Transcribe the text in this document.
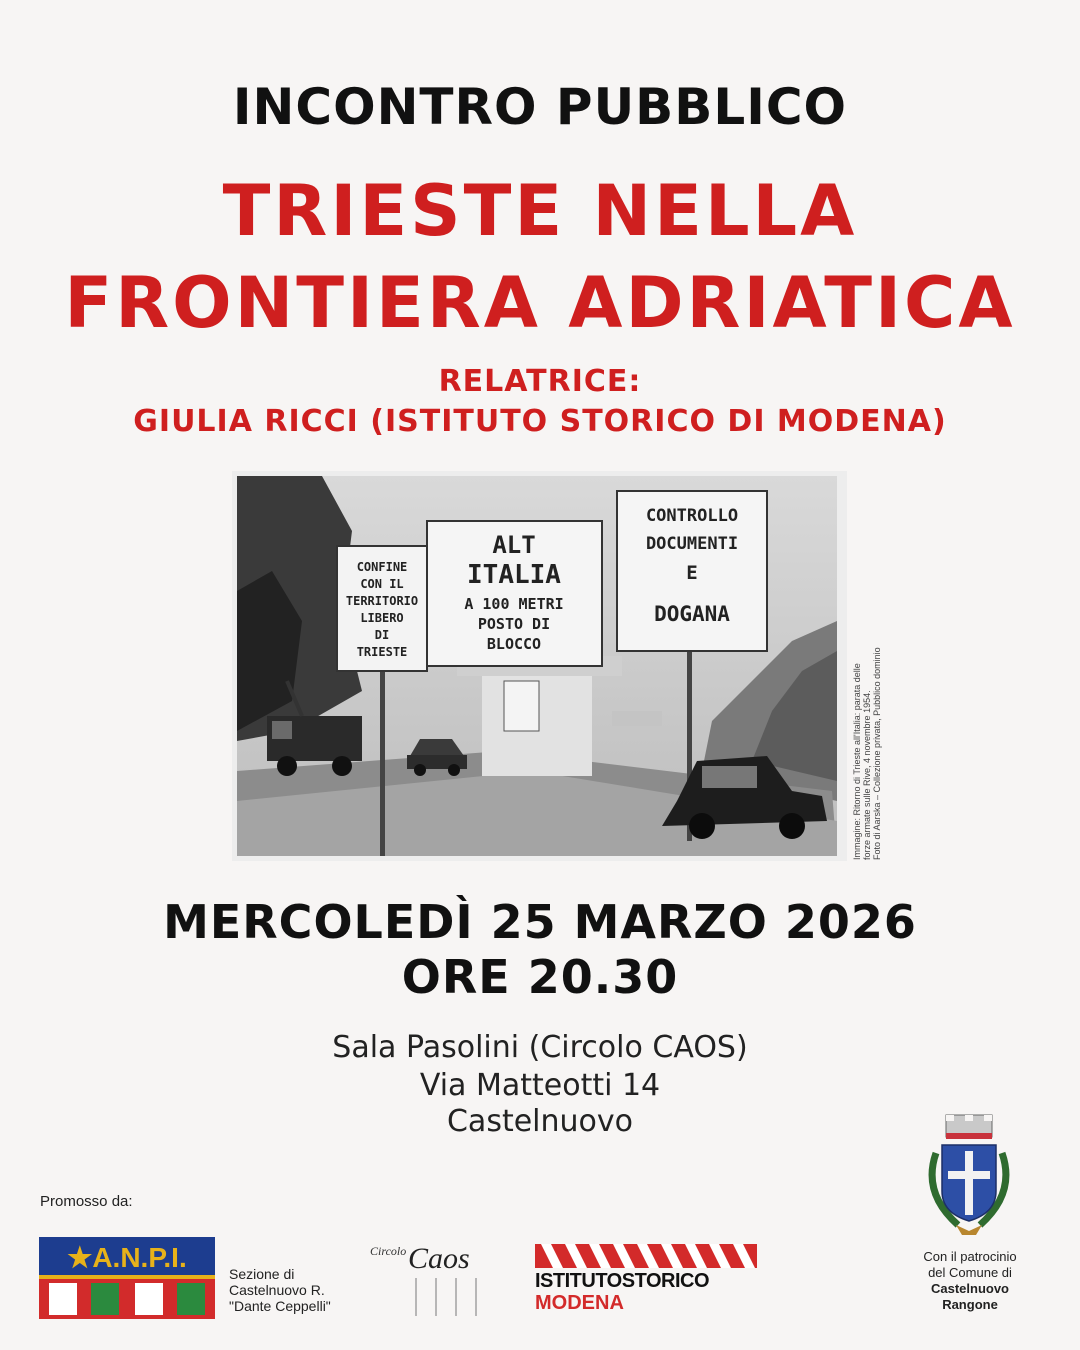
INCONTRO PUBBLICO
TRIESTE NELLA
FRONTIERA ADRIATICA
RELATRICE:
GIULIA RICCI (ISTITUTO STORICO DI MODENA)
CONFINE
CON IL
TERRITORIO
LIBERO
DI
TRIESTE
ALT
ITALIA
A 100 METRI
POSTO DI
BLOCCO
CONTROLLO
DOCUMENTI
E
DOGANA
Immagine: Ritorno di Trieste all'Italia: parata delle forze armate sulle Rive, 4 novembre 1954. Foto di Aarska – Collezione privata, Pubblico dominio
MERCOLEDÌ 25 MARZO 2026
ORE 20.30
Sala Pasolini (Circolo CAOS)
Via Matteotti 14
Castelnuovo
Promosso da:
★A.N.P.I.
Sezione di
Castelnuovo R.
"Dante Ceppelli"
Circolo Caos
ISTITUTOSTORICO
MODENA
Con il patrocinio
del Comune di
Castelnuovo
Rangone
